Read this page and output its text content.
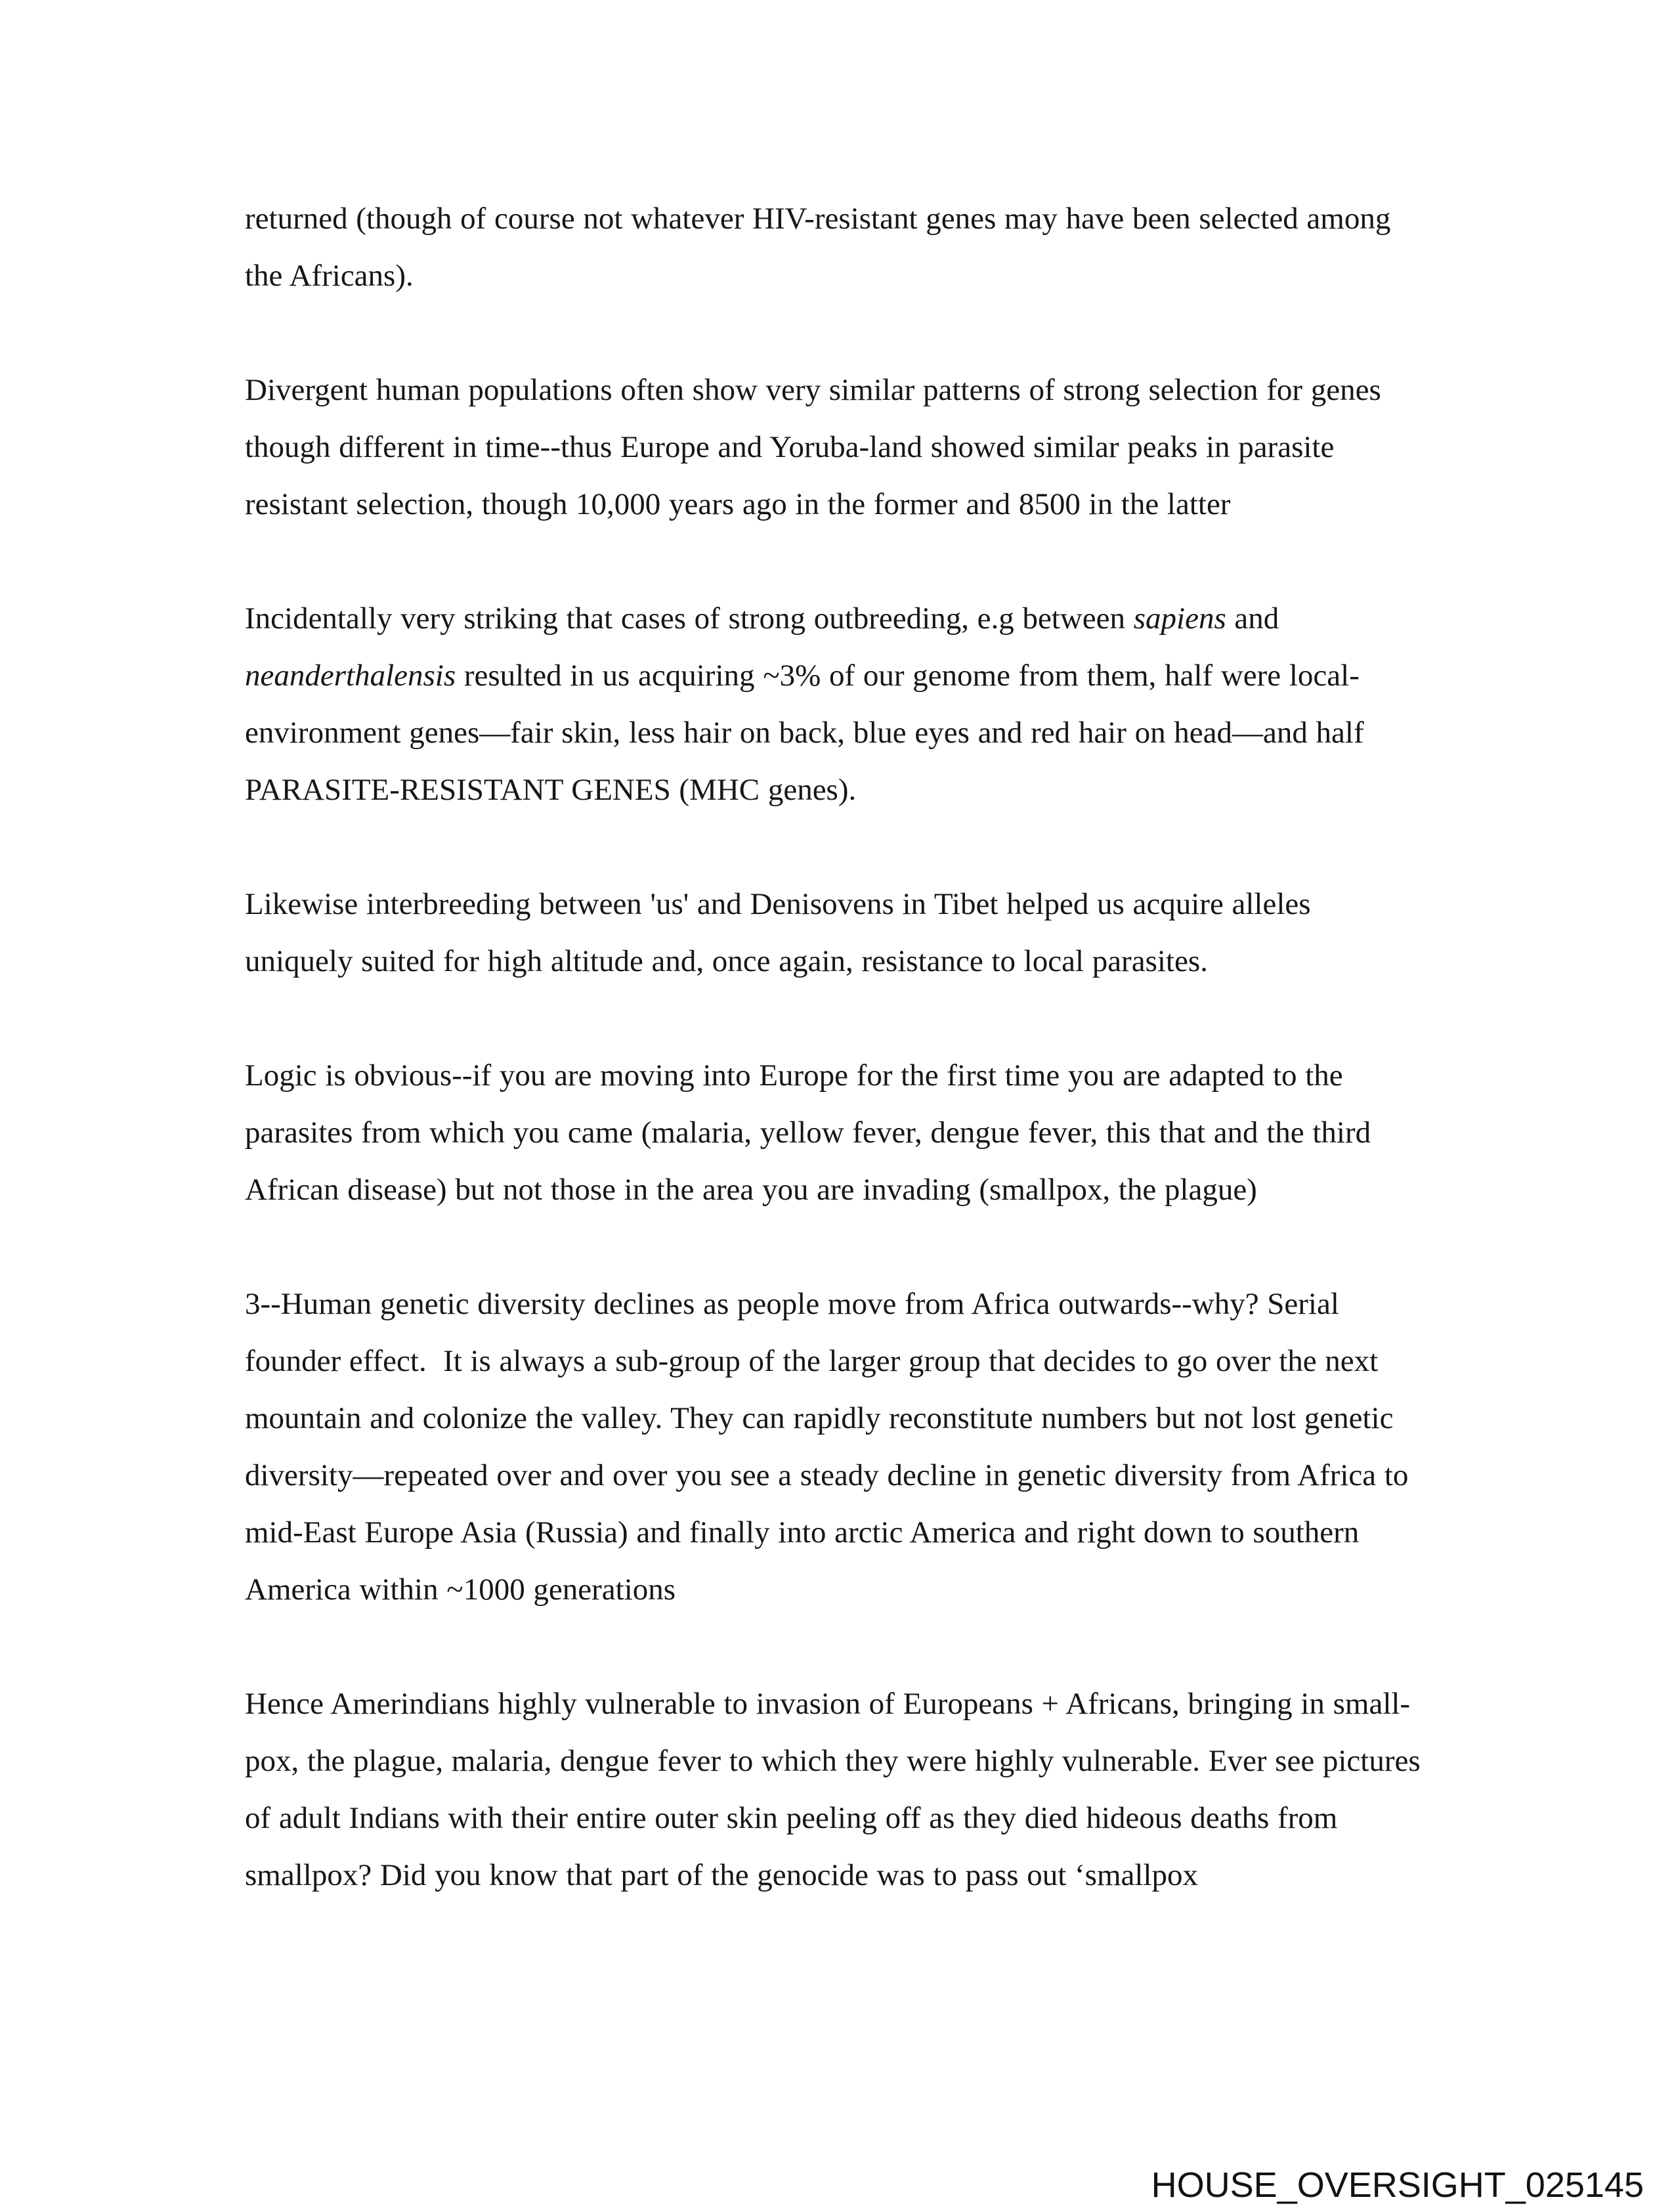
returned (though of course not whatever HIV-resistant genes may have been selected among the Africans).

Divergent human populations often show very similar patterns of strong selection for genes though different in time--thus Europe and Yoruba-land showed similar peaks in parasite resistant selection, though 10,000 years ago in the former and 8500 in the latter

Incidentally very striking that cases of strong outbreeding, e.g between sapiens and neanderthalensis resulted in us acquiring ~3% of our genome from them, half were local-environment genes—fair skin, less hair on back, blue eyes and red hair on head—and half PARASITE-RESISTANT GENES (MHC genes).

Likewise interbreeding between 'us' and Denisovens in Tibet helped us acquire alleles uniquely suited for high altitude and, once again, resistance to local parasites.

Logic is obvious--if you are moving into Europe for the first time you are adapted to the parasites from which you came (malaria, yellow fever, dengue fever, this that and the third African disease) but not those in the area you are invading (smallpox, the plague)

3--Human genetic diversity declines as people move from Africa outwards--why? Serial founder effect.  It is always a sub-group of the larger group that decides to go over the next mountain and colonize the valley. They can rapidly reconstitute numbers but not lost genetic diversity—repeated over and over you see a steady decline in genetic diversity from Africa to mid-East Europe Asia (Russia) and finally into arctic America and right down to southern America within ~1000 generations

Hence Amerindians highly vulnerable to invasion of Europeans + Africans, bringing in small-pox, the plague, malaria, dengue fever to which they were highly vulnerable. Ever see pictures of adult Indians with their entire outer skin peeling off as they died hideous deaths from smallpox? Did you know that part of the genocide was to pass out ‘smallpox

HOUSE_OVERSIGHT_025145
